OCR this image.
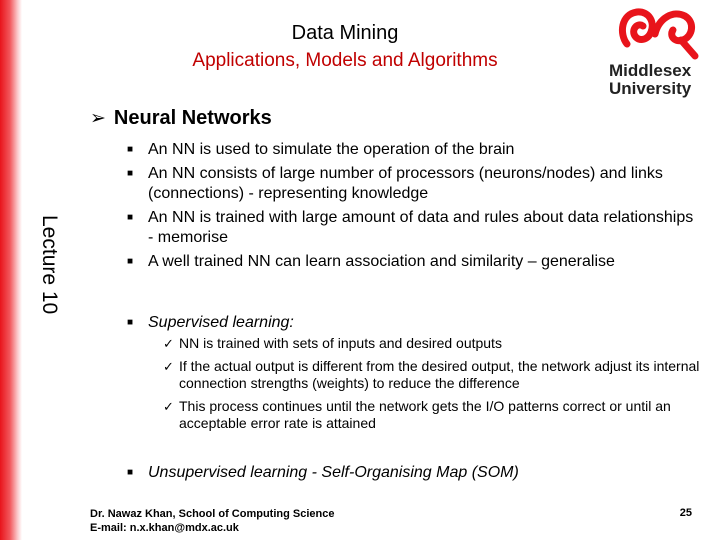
Data Mining
Applications, Models and Algorithms	Middlesex
University
Lecture 10
➢ Neural Networks
■ An NN is used to simulate the operation of the brain
■ An NN consists of large number of processors (neurons/nodes) and links (connections) - representing knowledge
■ An NN is trained with large amount of data and rules about data relationships - memorise
■ A well trained NN can learn association and similarity – generalise
■ Supervised learning:
✓ NN is trained with sets of inputs and desired outputs
✓ If the actual output is different from the desired output, the network adjust its internal connection strengths (weights) to reduce the difference
✓ This process continues until the network gets the I/O patterns correct or until an acceptable error rate is attained
■ Unsupervised learning - Self-Organising Map (SOM)
Dr. Nawaz Khan, School of Computing Science
E-mail: n.x.khan@mdx.ac.uk
25
